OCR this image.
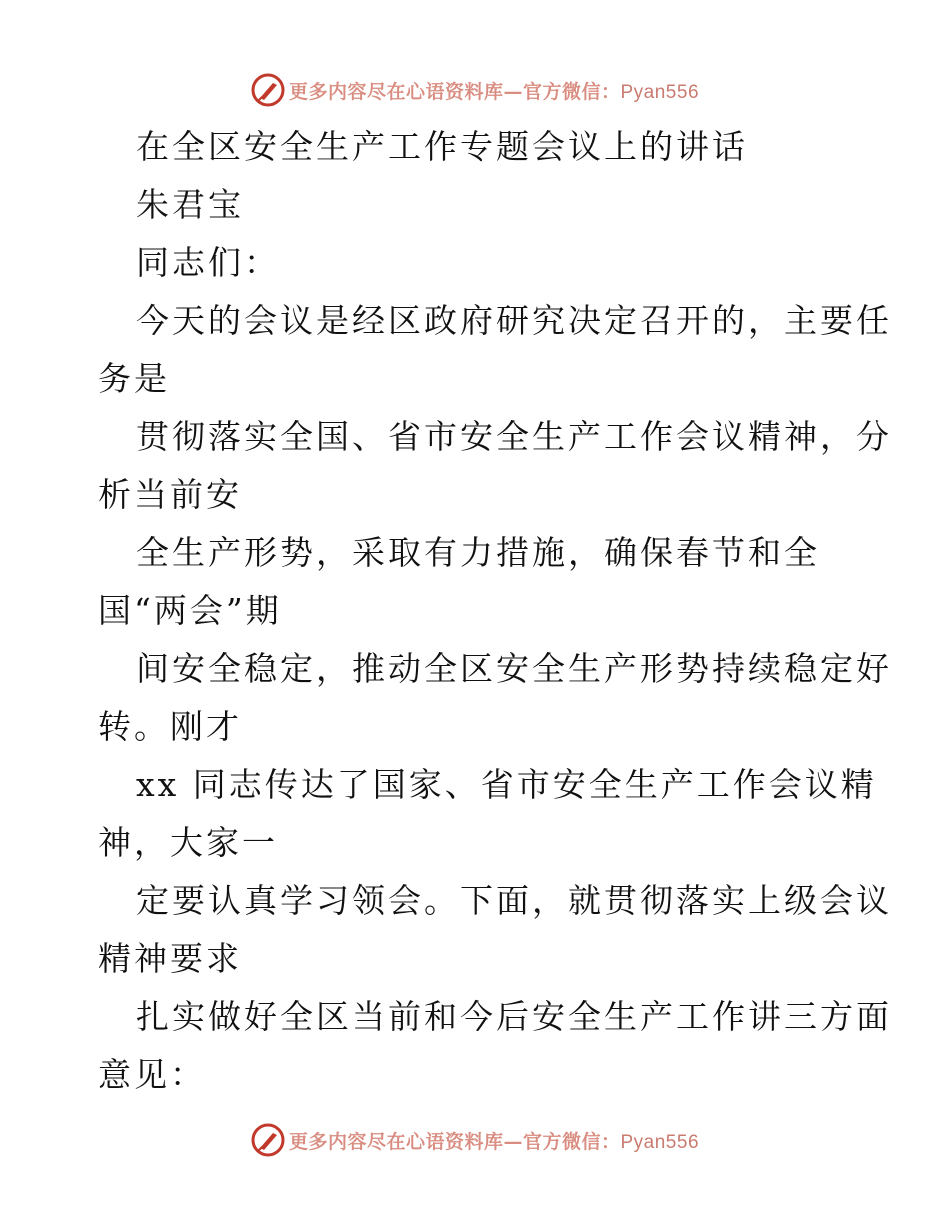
更多内容尽在心语资料库—官方微信：Pyan556
在全区安全生产工作专题会议上的讲话
朱君宝
同志们：
今天的会议是经区政府研究决定召开的，主要任
务是
贯彻落实全国、省市安全生产工作会议精神，分
析当前安
全生产形势，采取有力措施，确保春节和全
国“两会”期
间安全稳定，推动全区安全生产形势持续稳定好
转。刚才
xx 同志传达了国家、省市安全生产工作会议精
神，大家一
定要认真学习领会。下面，就贯彻落实上级会议
精神要求
扎实做好全区当前和今后安全生产工作讲三方面
意见：
更多内容尽在心语资料库—官方微信：Pyan556
